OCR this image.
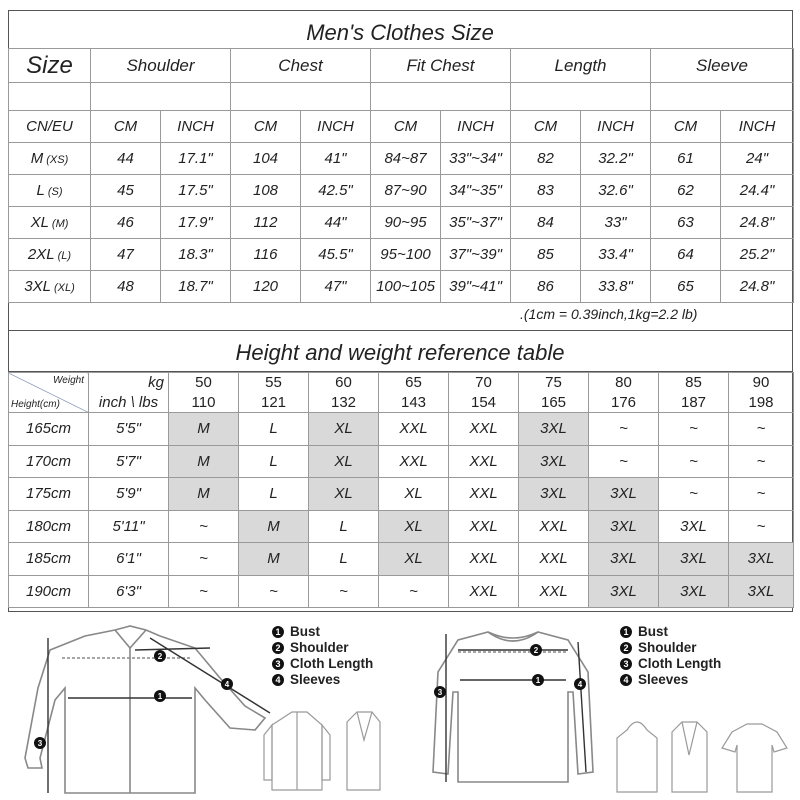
Men's Clothes Size
Size	Shoulder		Chest		Fit Chest		Length		Sleeve	

CN/EU	CM	INCH	CM	INCH	CM	INCH	CM	INCH	CM	INCH
M (XS)	44	17.1"	104	41"	84~87	33"~34"	82	32.2"	61	24"
L (S)	45	17.5"	108	42.5"	87~90	34"~35"	83	32.6"	62	24.4"
XL (M)	46	17.9"	112	44"	90~95	35"~37"	84	33"	63	24.8"
2XL (L)	47	18.3"	116	45.5"	95~100	37"~39"	85	33.4"	64	25.2"
3XL (XL)	48	18.7"	120	47"	100~105	39"~41"	86	33.8"	65	24.8"
.(1cm = 0.39inch,1kg=2.2 lb)
Height and weight reference table
Weight
Height(cm)	kg	50	55	60	65	70	75	80	85	90
	inch \ lbs	110	121	132	143	154	165	176	187	198
165cm	5'5"	M	L	XL	XXL	XXL	3XL	~	~	~
170cm	5'7"	M	L	XL	XXL	XXL	3XL	~	~	~
175cm	5'9"	M	L	XL	XL	XXL	3XL	3XL	~	~
180cm	5'11"	~	M	L	XL	XXL	XXL	3XL	3XL	~
185cm	6'1"	~	M	L	XL	XXL	XXL	3XL	3XL	3XL
190cm	6'3"	~	~	~	~	XXL	XXL	3XL	3XL	3XL
1
2
3
4
1 Bust
2 Shoulder
3 Cloth Length
4 Sleeves	1
2
3
4
1 Bust
2 Shoulder
3 Cloth Length
4 Sleeves
